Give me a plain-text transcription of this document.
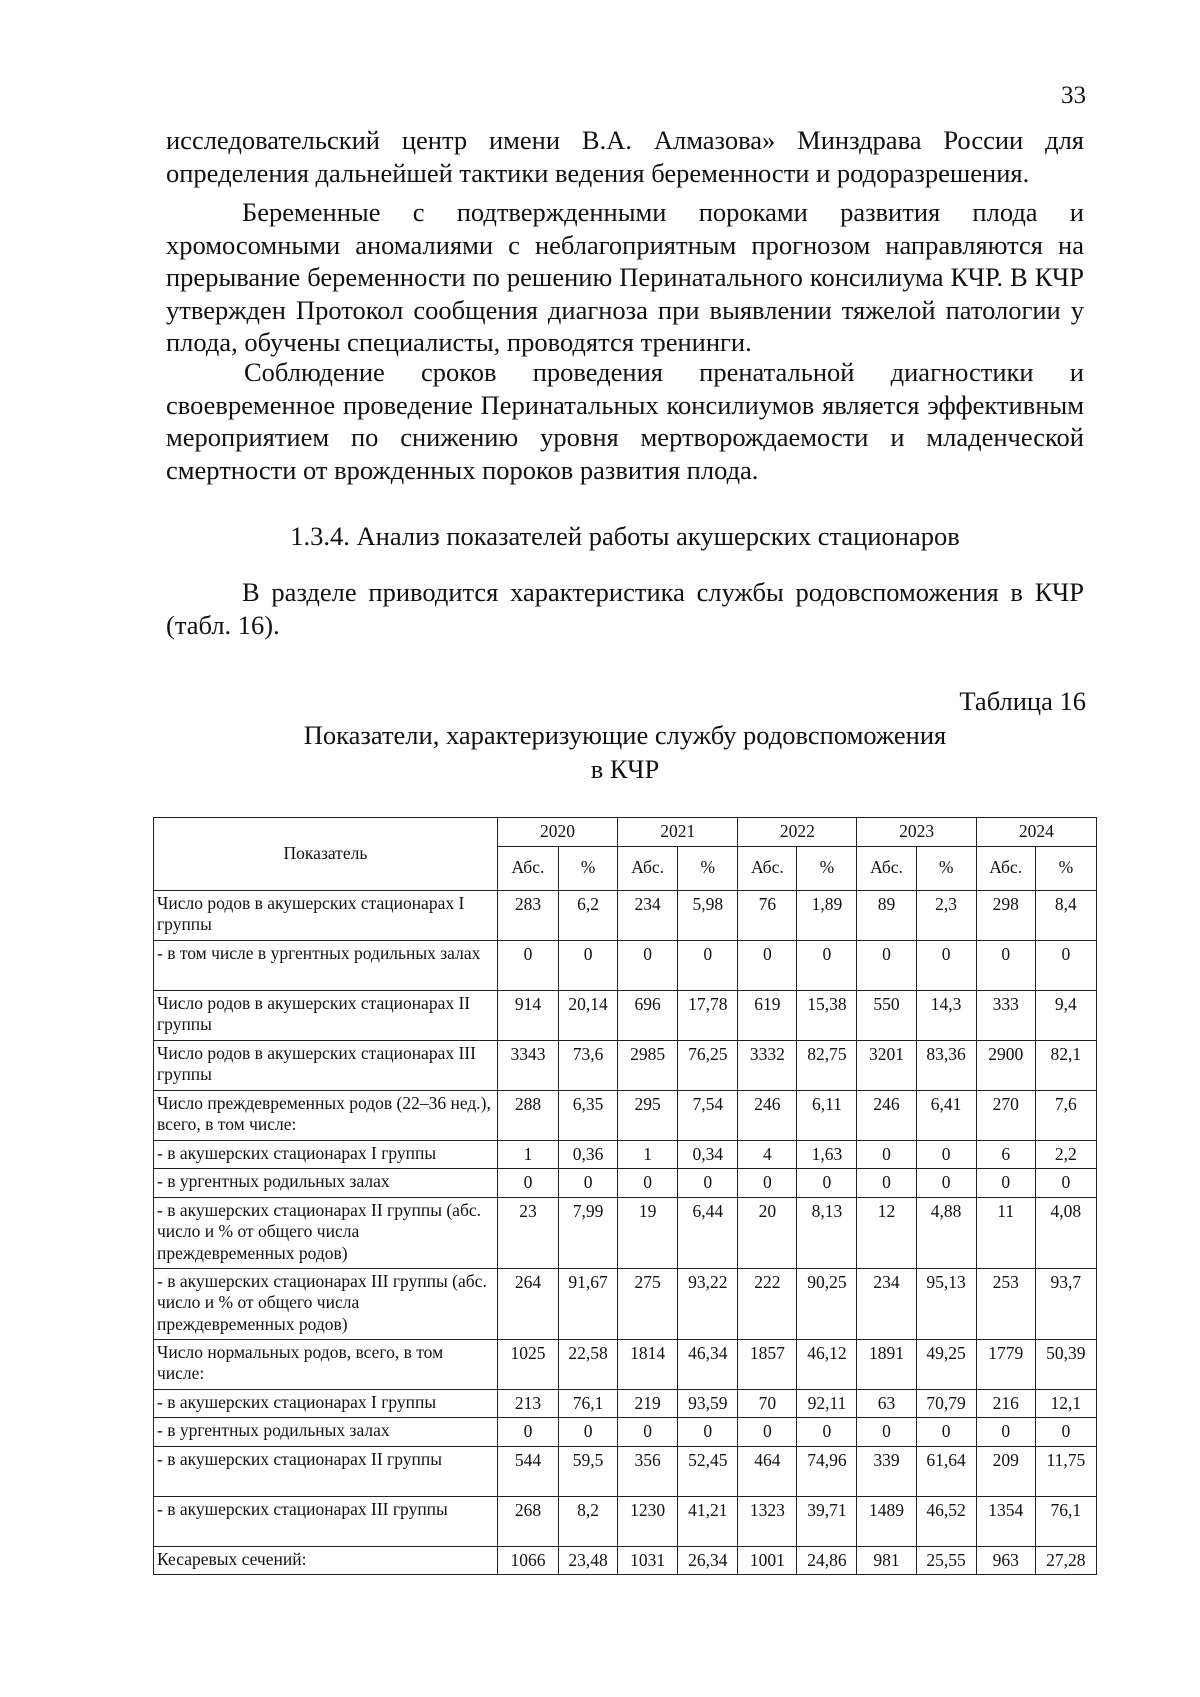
33

исследовательский центр имени В.А. Алмазова» Минздрава России для определения дальнейшей тактики ведения беременности и родоразрешения.

Беременные с подтвержденными пороками развития плода и хромосомными аномалиями с неблагоприятным прогнозом направляются на прерывание беременности по решению Перинатального консилиума КЧР. В КЧР утвержден Протокол сообщения диагноза при выявлении тяжелой патологии у плода, обучены специалисты, проводятся тренинги.

Соблюдение сроков проведения пренатальной диагностики и своевременное проведение Перинатальных консилиумов является эффективным мероприятием по снижению уровня мертворождаемости и младенческой смертности от врожденных пороков развития плода.

1.3.4. Анализ показателей работы акушерских стационаров

В разделе приводится характеристика службы родовспоможения в КЧР (табл. 16).

Таблица 16
Показатели, характеризующие службу родовспоможения
в КЧР
Показатель	2020		2021		2022		2023		2024	
	Абс.	%	Абс.	%	Абс.	%	Абс.	%	Абс.	%
Число родов в акушерских стационарах I группы	283	6,2	234	5,98	76	1,89	89	2,3	298	8,4
- в том числе в ургентных родильных залах	0	0	0	0	0	0	0	0	0	0
Число родов в акушерских стационарах II группы	914	20,14	696	17,78	619	15,38	550	14,3	333	9,4
Число родов в акушерских стационарах III группы	3343	73,6	2985	76,25	3332	82,75	3201	83,36	2900	82,1
Число преждевременных родов (22–36 нед.), всего, в том числе:	288	6,35	295	7,54	246	6,11	246	6,41	270	7,6
- в акушерских стационарах I группы	1	0,36	1	0,34	4	1,63	0	0	6	2,2
- в ургентных родильных залах	0	0	0	0	0	0	0	0	0	0
- в акушерских стационарах II группы (абс. число и % от общего числа преждевременных родов)	23	7,99	19	6,44	20	8,13	12	4,88	11	4,08
- в акушерских стационарах III группы (абс. число и % от общего числа преждевременных родов)	264	91,67	275	93,22	222	90,25	234	95,13	253	93,7
Число нормальных родов, всего, в том числе:	1025	22,58	1814	46,34	1857	46,12	1891	49,25	1779	50,39
- в акушерских стационарах I группы	213	76,1	219	93,59	70	92,11	63	70,79	216	12,1
- в ургентных родильных залах	0	0	0	0	0	0	0	0	0	0
- в акушерских стационарах II группы	544	59,5	356	52,45	464	74,96	339	61,64	209	11,75
- в акушерских стационарах III группы	268	8,2	1230	41,21	1323	39,71	1489	46,52	1354	76,1
Кесаревых сечений:	1066	23,48	1031	26,34	1001	24,86	981	25,55	963	27,28
